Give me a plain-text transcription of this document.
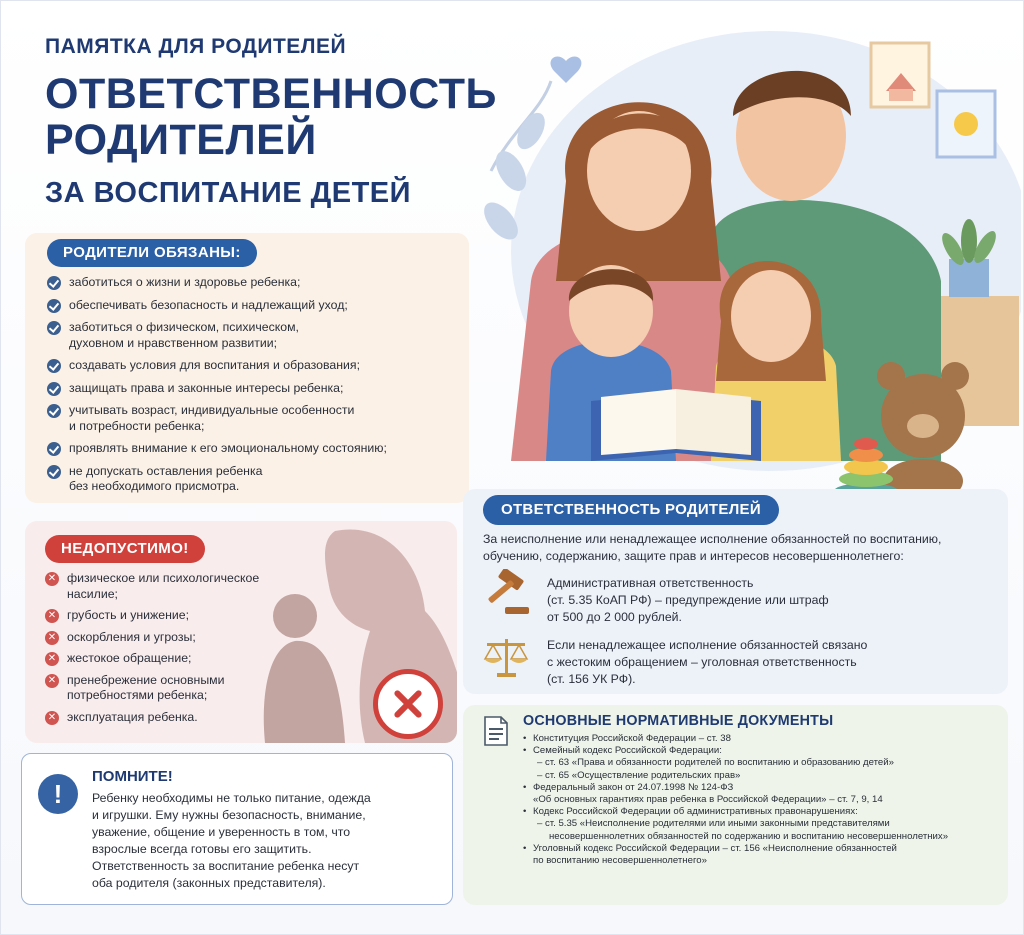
ПАМЯТКА ДЛЯ РОДИТЕЛЕЙ
ОТВЕТСТВЕННОСТЬ
РОДИТЕЛЕЙ
ЗА ВОСПИТАНИЕ ДЕТЕЙ
РОДИТЕЛИ ОБЯЗАНЫ:
заботиться о жизни и здоровье ребенка;
обеспечивать безопасность и надлежащий уход;
заботиться о физическом, психическом,
духовном и нравственном развитии;
создавать условия для воспитания и образования;
защищать права и законные интересы ребенка;
учитывать возраст, индивидуальные особенности
и потребности ребенка;
проявлять внимание к его эмоциональному состоянию;
не допускать оставления ребенка
без необходимого присмотра.
НЕДОПУСТИМО!
✕ физическое или психологическое
насилие;
✕ грубость и унижение;
✕ оскорбления и угрозы;
✕ жестокое обращение;
✕ пренебрежение основными
потребностями ребенка;
✕ эксплуатация ребенка.
!
ПОМНИТЕ!
Ребенку необходимы не только питание, одежда
и игрушки. Ему нужны безопасность, внимание,
уважение, общение и уверенность в том, что
взрослые всегда готовы его защитить.
Ответственность за воспитание ребенка несут
оба родителя (законных представителя).
ОТВЕТСТВЕННОСТЬ РОДИТЕЛЕЙ
За неисполнение или ненадлежащее исполнение обязанностей по воспитанию,
обучению, содержанию, защите прав и интересов несовершеннолетнего:
Административная ответственность
(ст. 5.35 КоАП РФ) – предупреждение или штраф
от 500 до 2 000 рублей.
Если ненадлежащее исполнение обязанностей связано
с жестоким обращением – уголовная ответственность
(ст. 156 УК РФ).
ОСНОВНЫЕ НОРМАТИВНЫЕ ДОКУМЕНТЫ
• Конституция Российской Федерации – ст. 38
• Семейный кодекс Российской Федерации:
– ст. 63 «Права и обязанности родителей по воспитанию и образованию детей»
– ст. 65 «Осуществление родительских прав»
• Федеральный закон от 24.07.1998 № 124-ФЗ
«Об основных гарантиях прав ребенка в Российской Федерации» – ст. 7, 9, 14
• Кодекс Российской Федерации об административных правонарушениях:
– ст. 5.35 «Неисполнение родителями или иными законными представителями
несовершеннолетних обязанностей по содержанию и воспитанию несовершеннолетних»
• Уголовный кодекс Российской Федерации – ст. 156 «Неисполнение обязанностей
по воспитанию несовершеннолетнего»
